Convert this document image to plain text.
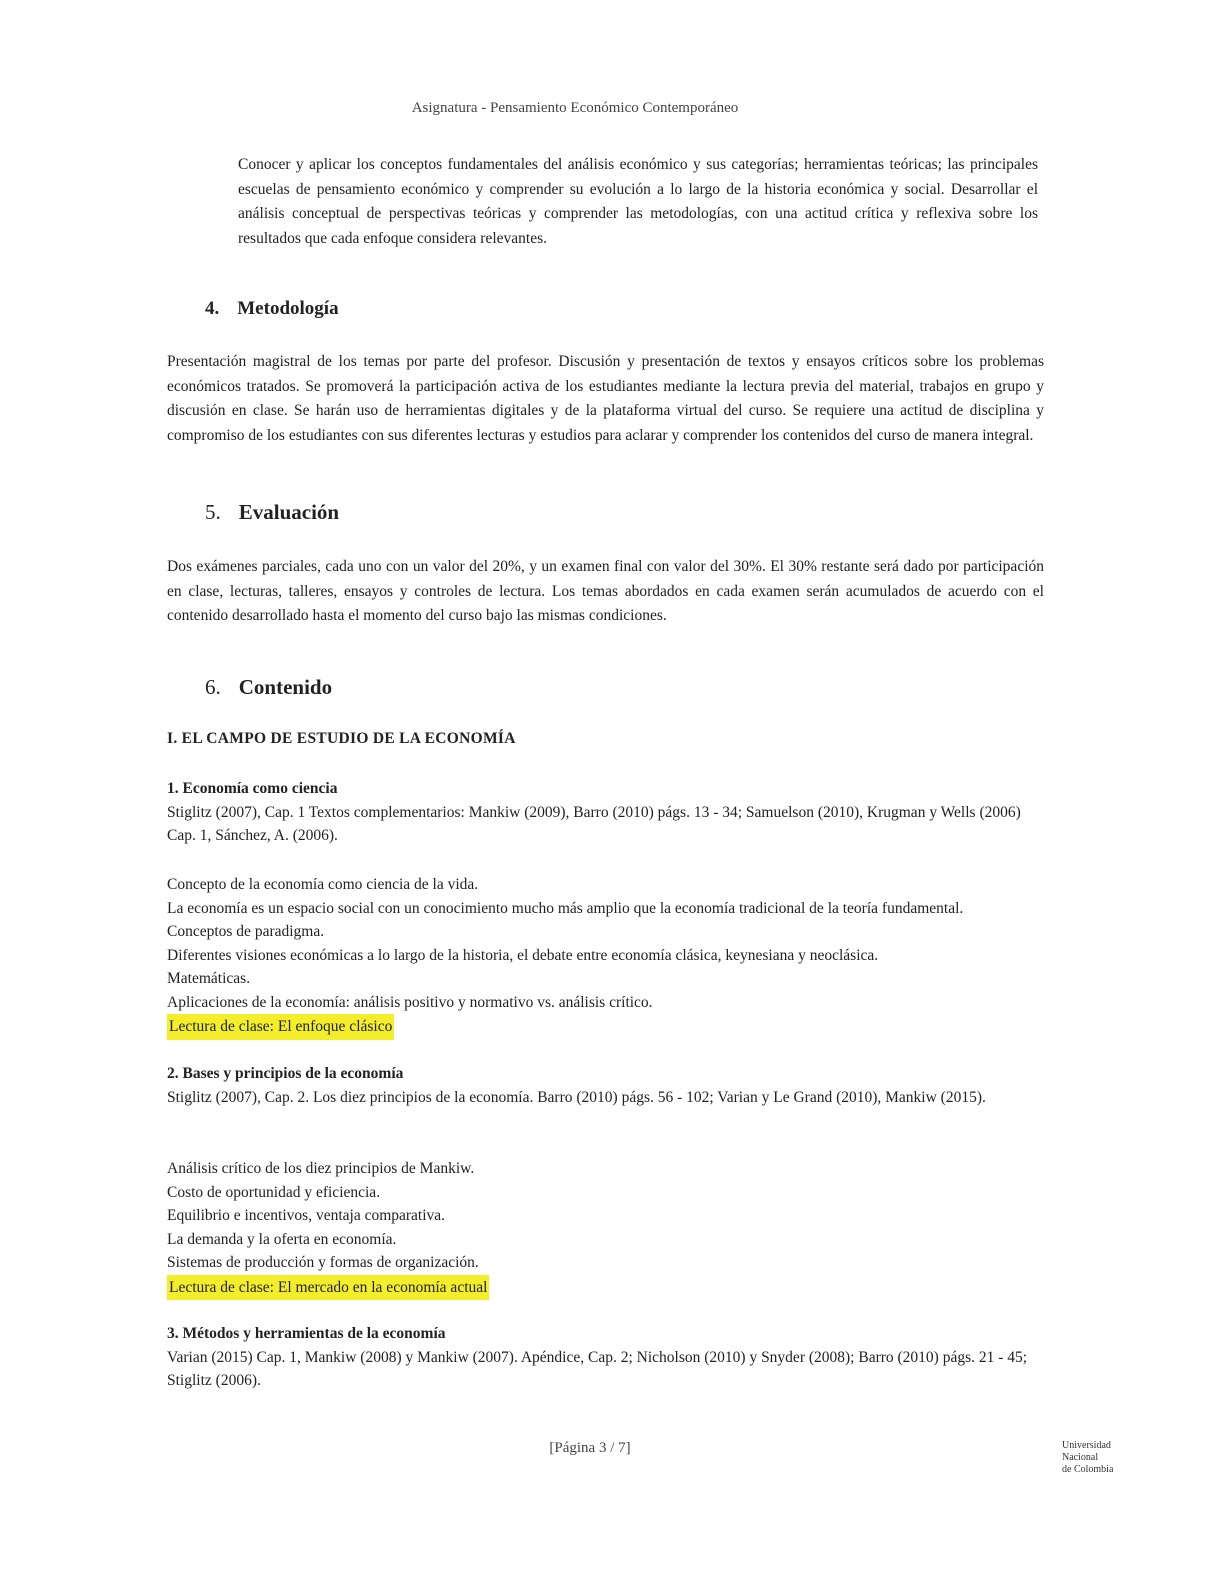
Asignatura - Pensamiento Económico Contemporáneo
Conocer y aplicar los conceptos fundamentales del análisis económico y sus categorías; herramientas teóricas; las principales escuelas de pensamiento económico y comprender su evolución a lo largo de la historia económica y social. Desarrollar el análisis conceptual de perspectivas teóricas y comprender las metodologías, con una actitud crítica y reflexiva sobre los resultados que cada enfoque considera relevantes.
4. Metodología
Presentación magistral de los temas por parte del profesor. Discusión y presentación de textos y ensayos críticos sobre los problemas económicos tratados. Se promoverá la participación activa de los estudiantes mediante la lectura previa del material, trabajos en grupo y discusión en clase. Se harán uso de herramientas digitales y de la plataforma virtual del curso. Se requiere una actitud de disciplina y compromiso de los estudiantes con sus diferentes lecturas y estudios para aclarar y comprender los contenidos del curso de manera integral.
5. Evaluación
Dos exámenes parciales, cada uno con un valor del 20%, y un examen final con valor del 30%. El 30% restante será dado por participación en clase, lecturas, talleres, ensayos y controles de lectura. Los temas abordados en cada examen serán acumulados de acuerdo con el contenido desarrollado hasta el momento del curso bajo las mismas condiciones.
6. Contenido
I. EL CAMPO DE ESTUDIO DE LA ECONOMÍA
1. Economía como ciencia
Stiglitz (2007), Cap. 1 Textos complementarios: Mankiw (2009), Barro (2010) págs. 13 - 34; Samuelson (2010), Krugman y Wells (2006) Cap. 1, Sánchez, A. (2006).
Concepto de la economía como ciencia de la vida.
La economía es un espacio social con un conocimiento mucho más amplio que la economía tradicional de la teoría fundamental.
Conceptos de paradigma.
Diferentes visiones económicas a lo largo de la historia, el debate entre economía clásica, keynesiana y neoclásica.
Matemáticas.
Aplicaciones de la economía: análisis positivo y normativo vs. análisis crítico.
Lectura de clase: El enfoque clásico
2. Bases y principios de la economía
Stiglitz (2007), Cap. 2. Los diez principios de la economía. Barro (2010) págs. 56 - 102; Varian y Le Grand (2010), Mankiw (2015).
Análisis crítico de los diez principios de Mankiw.
Costo de oportunidad y eficiencia.
Equilibrio e incentivos, ventaja comparativa.
La demanda y la oferta en economía.
Sistemas de producción y formas de organización.
Lectura de clase: El mercado en la economía actual
3. Métodos y herramientas de la economía
Varian (2015) Cap. 1, Mankiw (2008) y Mankiw (2007). Apéndice, Cap. 2; Nicholson (2010) y Snyder (2008); Barro (2010) págs. 21 - 45; Stiglitz (2006).
[Página 3 / 7]	Universidad
Nacional
de Colombia
